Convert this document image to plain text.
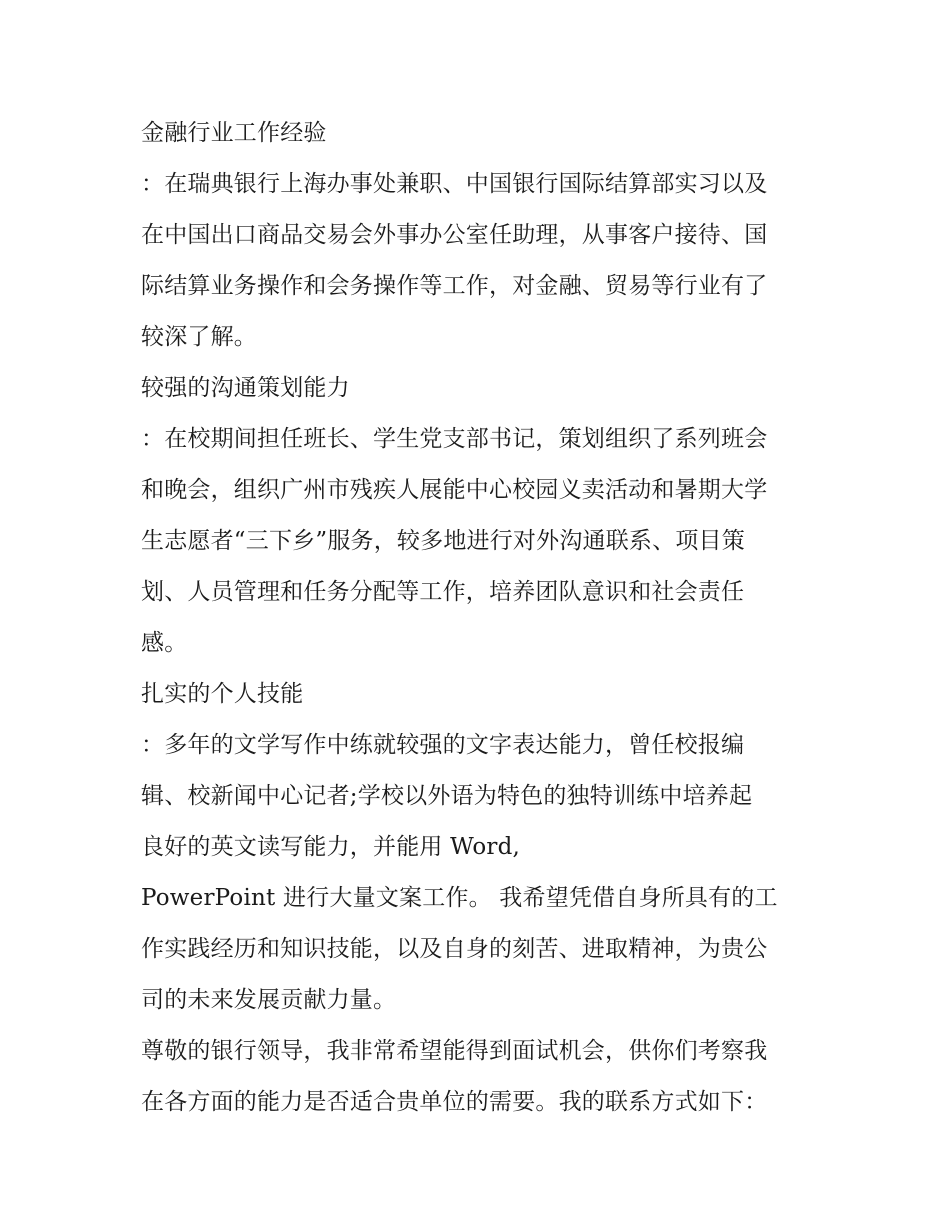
金融行业工作经验
：在瑞典银行上海办事处兼职、中国银行国际结算部实习以及
在中国出口商品交易会外事办公室任助理，从事客户接待、国
际结算业务操作和会务操作等工作，对金融、贸易等行业有了
较深了解。
较强的沟通策划能力
：在校期间担任班长、学生党支部书记，策划组织了系列班会
和晚会，组织广州市残疾人展能中心校园义卖活动和暑期大学
生志愿者“三下乡”服务，较多地进行对外沟通联系、项目策
划、人员管理和任务分配等工作，培养团队意识和社会责任
感。
扎实的个人技能
：多年的文学写作中练就较强的文字表达能力，曾任校报编
辑、校新闻中心记者;学校以外语为特色的独特训练中培养起
良好的英文读写能力，并能用 Word,
PowerPoint 进行大量文案工作。 我希望凭借自身所具有的工
作实践经历和知识技能，以及自身的刻苦、进取精神，为贵公
司的未来发展贡献力量。
尊敬的银行领导，我非常希望能得到面试机会，供你们考察我
在各方面的能力是否适合贵单位的需要。我的联系方式如下：
